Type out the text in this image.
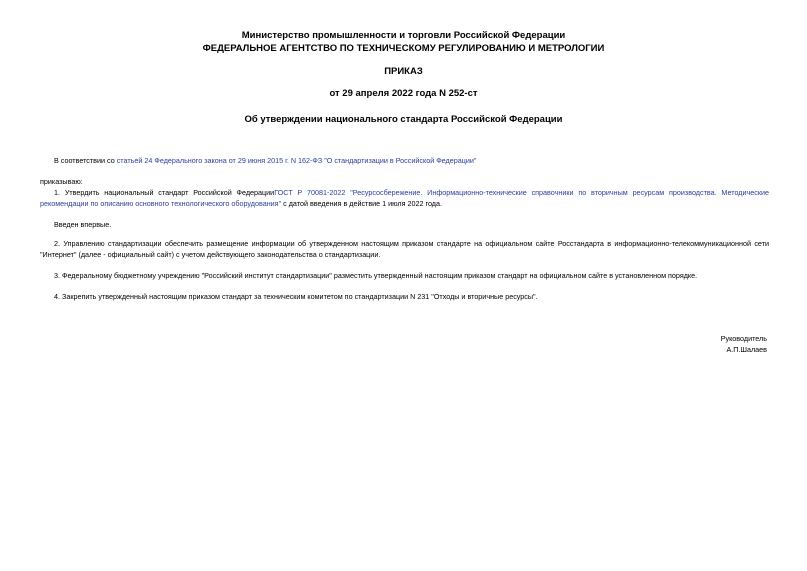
Министерство промышленности и торговли Российской Федерации
ФЕДЕРАЛЬНОЕ АГЕНТСТВО ПО ТЕХНИЧЕСКОМУ РЕГУЛИРОВАНИЮ И МЕТРОЛОГИИ
ПРИКАЗ
от 29 апреля 2022 года N 252-ст
Об утверждении национального стандарта Российской Федерации
В соответствии со статьей 24 Федерального закона от 29 июня 2015 г. N 162-ФЗ "О стандартизации в Российской Федерации"
приказываю:
1. Утвердить национальный стандарт Российской ФедерацииГОСТ Р 70081-2022 "Ресурсосбережение. Информационно-технические справочники по вторичным ресурсам производства. Методические рекомендации по описанию основного технологического оборудования" с датой введения в действие 1 июля 2022 года.
Введен впервые.
2. Управлению стандартизации обеспечить размещение информации об утвержденном настоящим приказом стандарте на официальном сайте Росстандарта в информационно-телекоммуникационной сети "Интернет" (далее - официальный сайт) с учетом действующего законодательства о стандартизации.
3. Федеральному бюджетному учреждению "Российский институт стандартизации" разместить утвержденный настоящим приказом стандарт на официальном сайте в установленном порядке.
4. Закрепить утвержденный настоящим приказом стандарт за техническим комитетом по стандартизации N 231 "Отходы и вторичные ресурсы".
Руководитель
А.П.Шалаев
